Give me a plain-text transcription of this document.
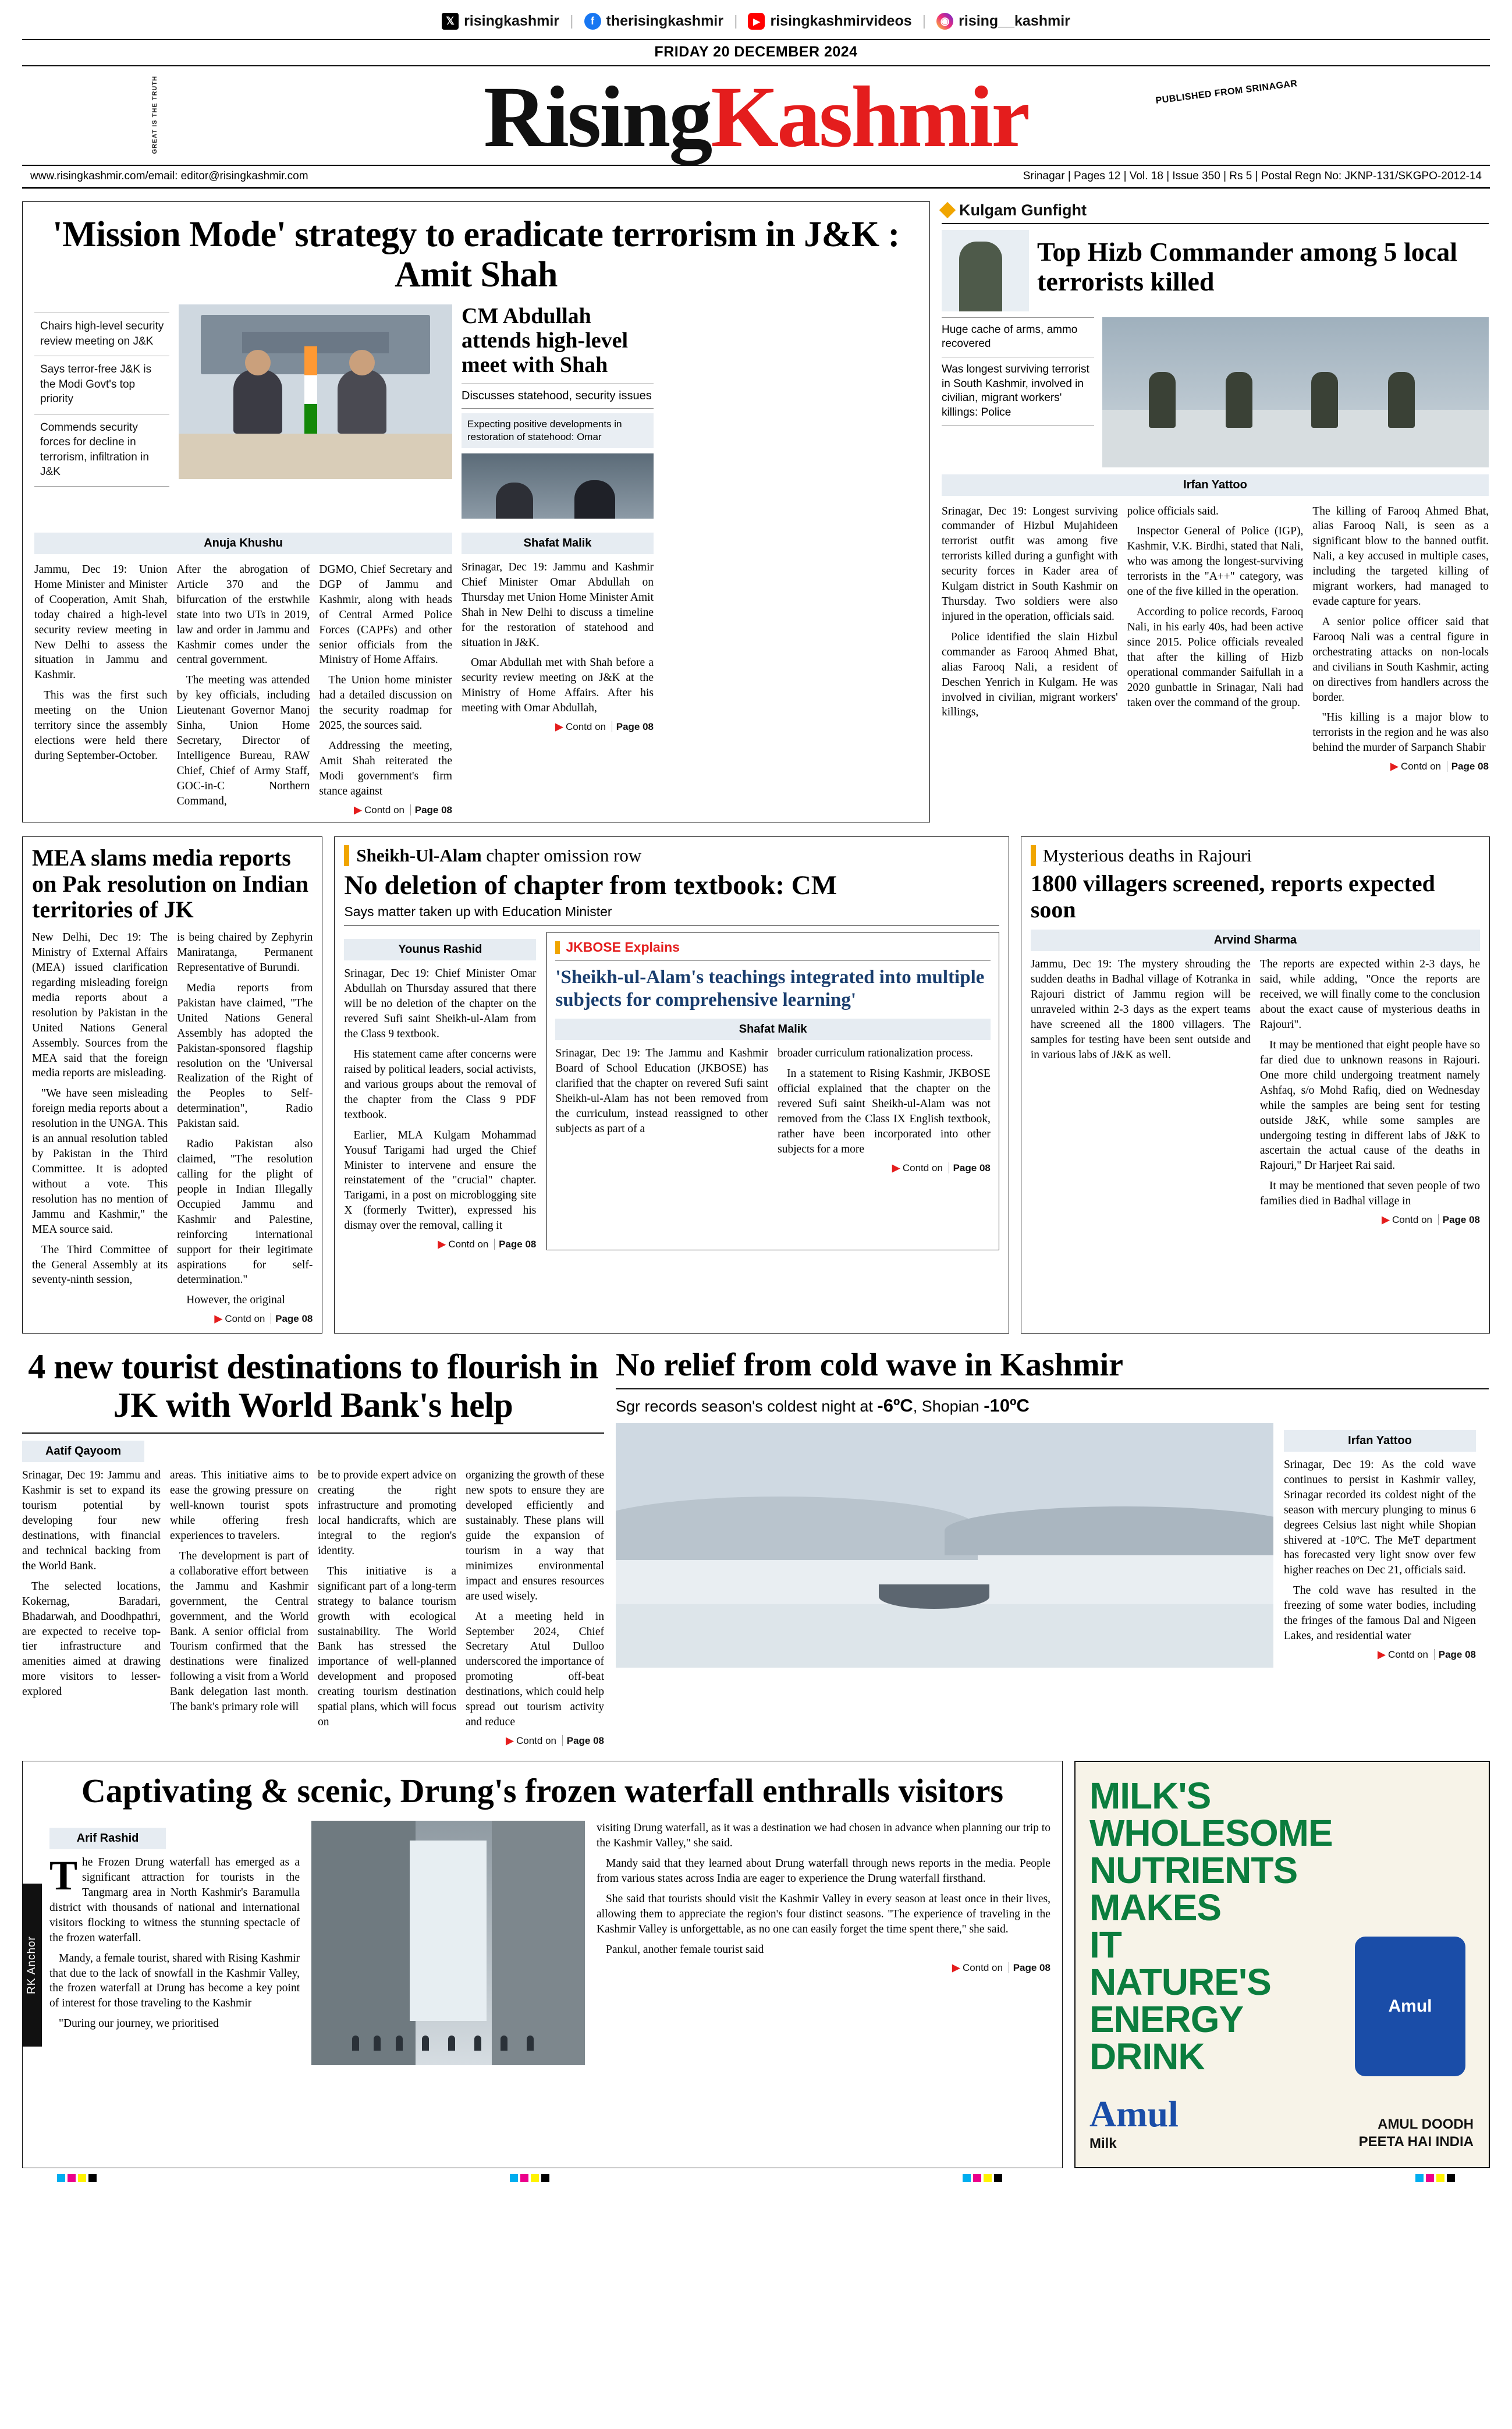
𝕏 risingkashmir |	f therisingkashmir |	▶ risingkashmirvideos |	◉ rising__kashmir
FRIDAY 20 DECEMBER 2024
GREAT IS THE TRUTH	RisingKashmir	PUBLISHED FROM SRINAGAR
www.risingkashmir.com/email: editor@risingkashmir.com	Srinagar | Pages 12 | Vol. 18 | Issue 350 | Rs 5 | Postal Regn No: JKNP-131/SKGPO-2012-14
'Mission Mode' strategy to eradicate terrorism in J&K : Amit Shah
Chairs high-level security review meeting on J&K
Says terror-free J&K is the Modi Govt's top priority
Commends security forces for decline in terrorism, infiltration in J&K
CM Abdullah attends high-level meet with Shah
Discusses statehood, security issues
Expecting positive developments in restoration of statehood: Omar
Anuja Khushu

Jammu, Dec 19: Union Home Minister and Minister of Cooperation, Amit Shah, today chaired a high-level security review meeting in New Delhi to assess the situation in Jammu and Kashmir.

This was the first such meeting on the Union territory since the assembly elections were held there during September-October.

After the abrogation of Article 370 and the bifurcation of the erstwhile state into two UTs in 2019, law and order in Jammu and Kashmir comes under the central government.

The meeting was attended by key officials, including Lieutenant Governor Manoj Sinha, Union Home Secretary, Director of Intelligence Bureau, RAW Chief, Chief of Army Staff, GOC-in-C Northern Command,

DGMO, Chief Secretary and DGP of Jammu and Kashmir, along with heads of Central Armed Police Forces (CAPFs) and other senior officials from the Ministry of Home Affairs.

The Union home minister had a detailed discussion on the security roadmap for 2025, the sources said.

Addressing the meeting, Amit Shah reiterated the Modi government's firm stance against

▶ Contd on Page 08
Shafat Malik

Srinagar, Dec 19: Jammu and Kashmir Chief Minister Omar Abdullah on Thursday met Union Home Minister Amit Shah in New Delhi to discuss a timeline for the restoration of statehood and situation in J&K.

Omar Abdullah met with Shah before a security review meeting on J&K at the Ministry of Home Affairs. After his meeting with Omar Abdullah,

▶ Contd on Page 08
Kulgam Gunfight
Top Hizb Commander among 5 local terrorists killed
Huge cache of arms, ammo recovered
Was longest surviving terrorist in South Kashmir, involved in civilian, migrant workers' killings: Police
Irfan Yattoo

Srinagar, Dec 19: Longest surviving commander of Hizbul Mujahideen terrorist outfit was among five terrorists killed during a gunfight with security forces in Kader area of Kulgam district in South Kashmir on Thursday. Two soldiers were also injured in the operation, officials said.

Police identified the slain Hizbul commander as Farooq Ahmed Bhat, alias Farooq Nali, a resident of Deschen Yenrich in Kulgam. He was involved in civilian, migrant workers' killings,

police officials said.

Inspector General of Police (IGP), Kashmir, V.K. Birdhi, stated that Nali, who was among the longest-surviving terrorists in the "A++" category, was one of the five killed in the operation.

According to police records, Farooq Nali, in his early 40s, had been active since 2015. Police officials revealed that after the killing of Hizb operational commander Saifullah in a 2020 gunbattle in Srinagar, Nali had taken over the command of the group.

The killing of Farooq Ahmed Bhat, alias Farooq Nali, is seen as a significant blow to the banned outfit. Nali, a key accused in multiple cases, including the targeted killing of migrant workers, had managed to evade capture for years.

A senior police officer said that Farooq Nali was a central figure in orchestrating attacks on non-locals and civilians in South Kashmir, acting on directives from handlers across the border.

"His killing is a major blow to terrorists in the region and he was also behind the murder of Sarpanch Shabir

▶ Contd on Page 08
MEA slams media reports on Pak resolution on Indian territories of JK

New Delhi, Dec 19: The Ministry of External Affairs (MEA) issued clarification regarding misleading foreign media reports about a resolution by Pakistan in the United Nations General Assembly. Sources from the MEA said that the foreign media reports are misleading.

"We have seen misleading foreign media reports about a resolution in the UNGA. This is an annual resolution tabled by Pakistan in the Third Committee. It is adopted without a vote. This resolution has no mention of Jammu and Kashmir," the MEA source said.

The Third Committee of the General Assembly at its seventy-ninth session,

is being chaired by Zephyrin Maniratanga, Permanent Representative of Burundi.

Media reports from Pakistan have claimed, "The United Nations General Assembly has adopted the Pakistan-sponsored flagship resolution on the 'Universal Realization of the Right of the Peoples to Self-determination", Radio Pakistan said.

Radio Pakistan also claimed, "The resolution calling for the plight of people in Indian Illegally Occupied Jammu and Kashmir and Palestine, reinforcing international support for their legitimate aspirations for self-determination."

However, the original

▶ Contd on Page 08
Sheikh-Ul-Alam chapter omission row
No deletion of chapter from textbook: CM
Says matter taken up with Education Minister
Younus Rashid

Srinagar, Dec 19: Chief Minister Omar Abdullah on Thursday assured that there will be no deletion of the chapter on the revered Sufi saint Sheikh-ul-Alam from the Class 9 textbook.

His statement came after concerns were raised by political leaders, social activists, and various groups about the removal of the chapter from the Class 9 PDF textbook.

Earlier, MLA Kulgam Mohammad Yousuf Tarigami had urged the Chief Minister to intervene and ensure the reinstatement of the "crucial" chapter. Tarigami, in a post on microblogging site X (formerly Twitter), expressed his dismay over the removal, calling it

▶ Contd on Page 08
JKBOSE Explains
'Sheikh-ul-Alam's teachings integrated into multiple subjects for comprehensive learning'
Shafat Malik

Srinagar, Dec 19: The Jammu and Kashmir Board of School Education (JKBOSE) has clarified that the chapter on revered Sufi saint Sheikh-ul-Alam has not been removed from the curriculum, instead reassigned to other subjects as part of a

broader curriculum rationalization process.

In a statement to Rising Kashmir, JKBOSE official explained that the chapter on the revered Sufi saint Sheikh-ul-Alam was not removed from the Class IX English textbook, rather have been incorporated into other subjects for a more

▶ Contd on Page 08
Mysterious deaths in Rajouri
1800 villagers screened, reports expected soon
Arvind Sharma

Jammu, Dec 19: The mystery shrouding the sudden deaths in Badhal village of Kotranka in Rajouri district of Jammu region will be unraveled within 2-3 days as the expert teams have screened all the 1800 villagers. The samples for testing have been sent outside and in various labs of J&K as well.

The reports are expected within 2-3 days, he said, while adding, "Once the reports are received, we will finally come to the conclusion about the exact cause of mysterious deaths in Rajouri".

It may be mentioned that eight people have so far died due to unknown reasons in Rajouri. One more child undergoing treatment namely Ashfaq, s/o Mohd Rafiq, died on Wednesday while the samples are being sent for testing outside J&K, while some samples are undergoing testing in different labs of J&K to ascertain the actual cause of the deaths in Rajouri," Dr Harjeet Rai said.

It may be mentioned that seven people of two families died in Badhal village in

▶ Contd on Page 08
4 new tourist destinations to flourish in JK with World Bank's help
Aatif Qayoom

Srinagar, Dec 19: Jammu and Kashmir is set to expand its tourism potential by developing four new destinations, with financial and technical backing from the World Bank.

The selected locations, Kokernag, Baradari, Bhadarwah, and Doodhpathri, are expected to receive top-tier infrastructure and amenities aimed at drawing more visitors to lesser-explored

areas. This initiative aims to ease the growing pressure on well-known tourist spots while offering fresh experiences to travelers.

The development is part of a collaborative effort between the Jammu and Kashmir government, the Central government, and the World Bank. A senior official from Tourism confirmed that the destinations were finalized following a visit from a World Bank delegation last month. The bank's primary role will

be to provide expert advice on creating the right infrastructure and promoting local handicrafts, which are integral to the region's identity.

This initiative is a significant part of a long-term strategy to balance tourism growth with ecological sustainability. The World Bank has stressed the importance of well-planned development and proposed creating tourism destination spatial plans, which will focus on

organizing the growth of these new spots to ensure they are developed efficiently and sustainably. These plans will guide the expansion of tourism in a way that minimizes environmental impact and ensures resources are used wisely.

At a meeting held in September 2024, Chief Secretary Atul Dulloo underscored the importance of promoting off-beat destinations, which could help spread out tourism activity and reduce

▶ Contd on Page 08
No relief from cold wave in Kashmir
Sgr records season's coldest night at -6ºC, Shopian -10ºC
Irfan Yattoo

Srinagar, Dec 19: As the cold wave continues to persist in Kashmir valley, Srinagar recorded its coldest night of the season with mercury plunging to minus 6 degrees Celsius last night while Shopian shivered at -10ºC. The MeT department has forecasted very light snow over few higher reaches on Dec 21, officials said.

The cold wave has resulted in the freezing of some water bodies, including the fringes of the famous Dal and Nigeen Lakes, and residential water

▶ Contd on Page 08
RK Anchor
Captivating & scenic, Drung's frozen waterfall enthralls visitors
Arif Rashid

The Frozen Drung waterfall has emerged as a significant attraction for tourists in the Tangmarg area in North Kashmir's Baramulla district with thousands of national and international visitors flocking to witness the stunning spectacle of the frozen waterfall.

Mandy, a female tourist, shared with Rising Kashmir that due to the lack of snowfall in the Kashmir Valley, the frozen waterfall at Drung has become a key point of interest for those traveling to the Kashmir

"During our journey, we prioritised

visiting Drung waterfall, as it was a destination we had chosen in advance when planning our trip to the Kashmir Valley," she said.

Mandy said that they learned about Drung waterfall through news reports in the media. People from various states across India are eager to experience the Drung waterfall firsthand.

She said that tourists should visit the Kashmir Valley in every season at least once in their lives, allowing them to appreciate the region's four distinct seasons. "The experience of traveling in the Kashmir Valley is unforgettable, as no one can easily forget the time spent there," she said.

Pankul, another female tourist said

▶ Contd on Page 08
MILK'S
WHOLESOME
NUTRIENTS
MAKES
IT
NATURE'S
ENERGY
DRINK
Amul
Amul
Milk
AMUL DOODH
PEETA HAI INDIA
